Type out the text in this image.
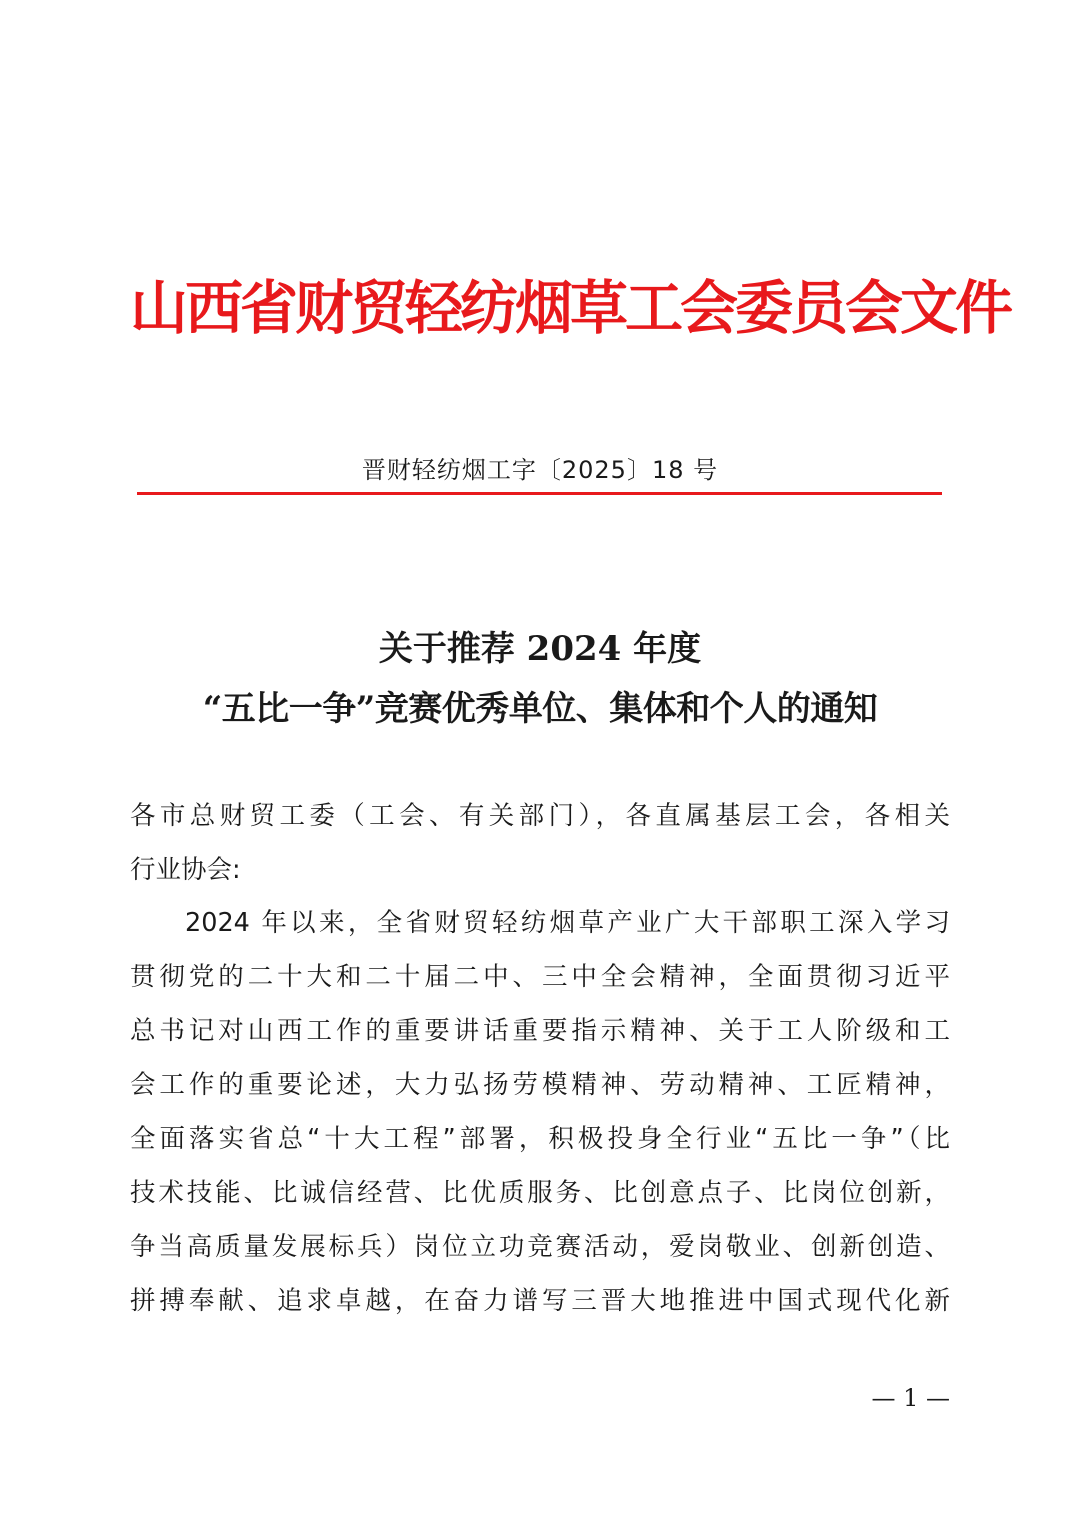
山西省财贸轻纺烟草工会委员会文件
晋财轻纺烟工字〔2025〕18 号
关于推荐 2024 年度
“五比一争”竞赛优秀单位、集体和个人的通知
各市总财贸工委（工会、有关部门），各直属基层工会，各相关
行业协会:
2024 年以来，全省财贸轻纺烟草产业广大干部职工深入学习
贯彻党的二十大和二十届二中、三中全会精神，全面贯彻习近平
总书记对山西工作的重要讲话重要指示精神、关于工人阶级和工
会工作的重要论述，大力弘扬劳模精神、劳动精神、工匠精神，
全面落实省总“十大工程”部署，积极投身全行业“五比一争”（比
技术技能、比诚信经营、比优质服务、比创意点子、比岗位创新，
争当高质量发展标兵）岗位立功竞赛活动，爱岗敬业、创新创造、
拼搏奉献、追求卓越，在奋力谱写三晋大地推进中国式现代化新
— 1 —
